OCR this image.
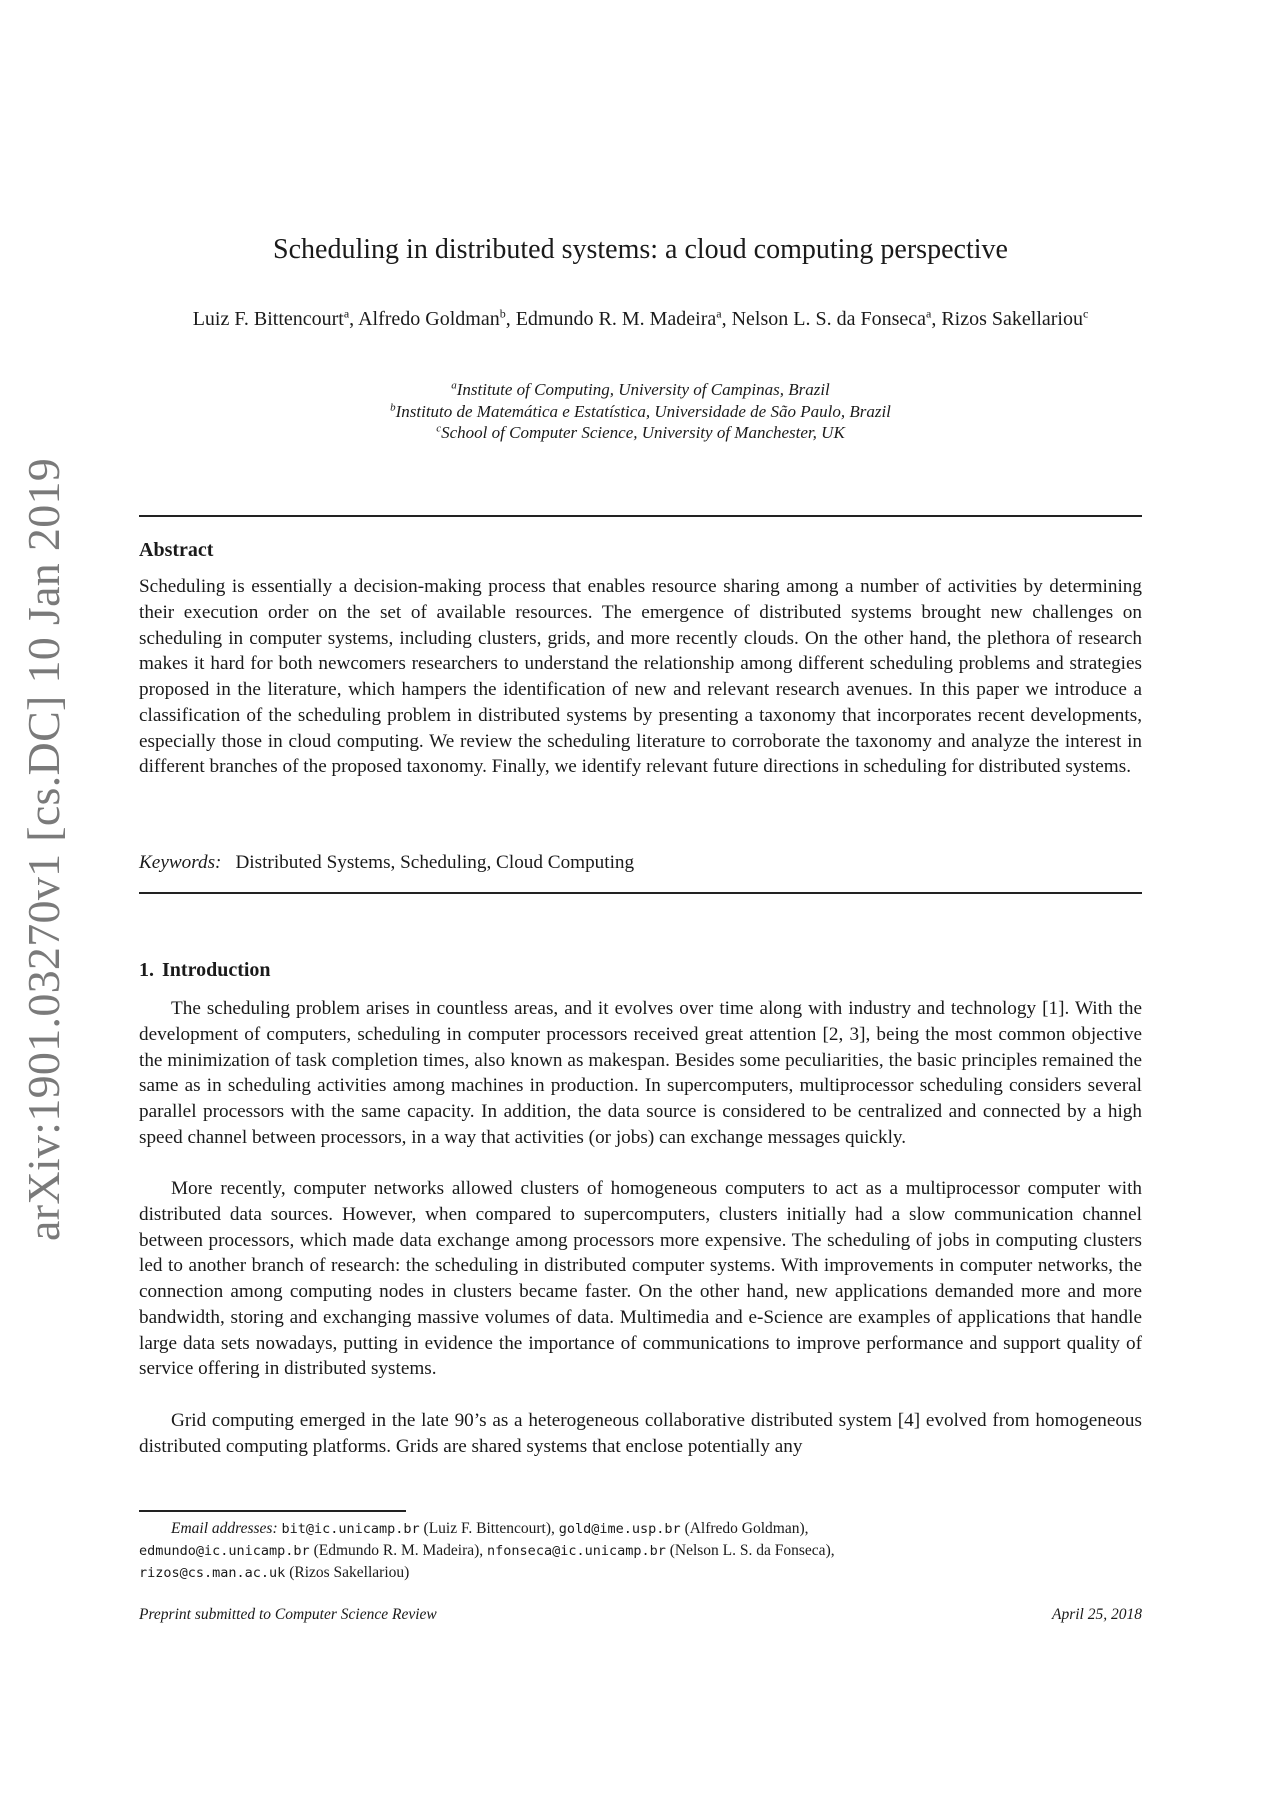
arXiv:1901.03270v1 [cs.DC] 10 Jan 2019
Scheduling in distributed systems: a cloud computing perspective
Luiz F. Bittencourt$^a$, Alfredo Goldman$^b$, Edmundo R. M. Madeira$^a$, Nelson L. S. da Fonseca$^a$, Rizos Sakellariou$^c$
$^a$Institute of Computing, University of Campinas, Brazil
$^b$Instituto de Matemática e Estatística, Universidade de São Paulo, Brazil
$^c$School of Computer Science, University of Manchester, UK
Abstract
Scheduling is essentially a decision-making process that enables resource sharing among a number of activities by determining their execution order on the set of available resources. The emergence of distributed systems brought new challenges on scheduling in computer systems, including clusters, grids, and more recently clouds. On the other hand, the plethora of research makes it hard for both newcomers researchers to understand the relationship among different scheduling problems and strategies proposed in the literature, which hampers the identification of new and relevant research avenues. In this paper we introduce a classification of the scheduling problem in distributed systems by presenting a taxonomy that incorporates recent developments, especially those in cloud computing. We review the scheduling literature to corroborate the taxonomy and analyze the interest in different branches of the proposed taxonomy. Finally, we identify relevant future directions in scheduling for distributed systems.
Keywords: Distributed Systems, Scheduling, Cloud Computing
1. Introduction
The scheduling problem arises in countless areas, and it evolves over time along with industry and technology [1]. With the development of computers, scheduling in computer processors received great attention [2, 3], being the most common objective the minimization of task completion times, also known as makespan. Besides some peculiarities, the basic principles remained the same as in scheduling activities among machines in production. In supercomputers, multiprocessor scheduling considers several parallel processors with the same capacity. In addition, the data source is considered to be centralized and connected by a high speed channel between processors, in a way that activities (or jobs) can exchange messages quickly.
More recently, computer networks allowed clusters of homogeneous computers to act as a multiprocessor computer with distributed data sources. However, when compared to supercomputers, clusters initially had a slow communication channel between processors, which made data exchange among processors more expensive. The scheduling of jobs in computing clusters led to another branch of research: the scheduling in distributed computer systems. With improvements in computer networks, the connection among computing nodes in clusters became faster. On the other hand, new applications demanded more and more bandwidth, storing and exchanging massive volumes of data. Multimedia and e-Science are examples of applications that handle large data sets nowadays, putting in evidence the importance of communications to improve performance and support quality of service offering in distributed systems.
Grid computing emerged in the late 90’s as a heterogeneous collaborative distributed system [4] evolved from homogeneous distributed computing platforms. Grids are shared systems that enclose potentially any
Email addresses: bit@ic.unicamp.br (Luiz F. Bittencourt), gold@ime.usp.br (Alfredo Goldman),
edmundo@ic.unicamp.br (Edmundo R. M. Madeira), nfonseca@ic.unicamp.br (Nelson L. S. da Fonseca),
rizos@cs.man.ac.uk (Rizos Sakellariou)
Preprint submitted to Computer Science Review	April 25, 2018
